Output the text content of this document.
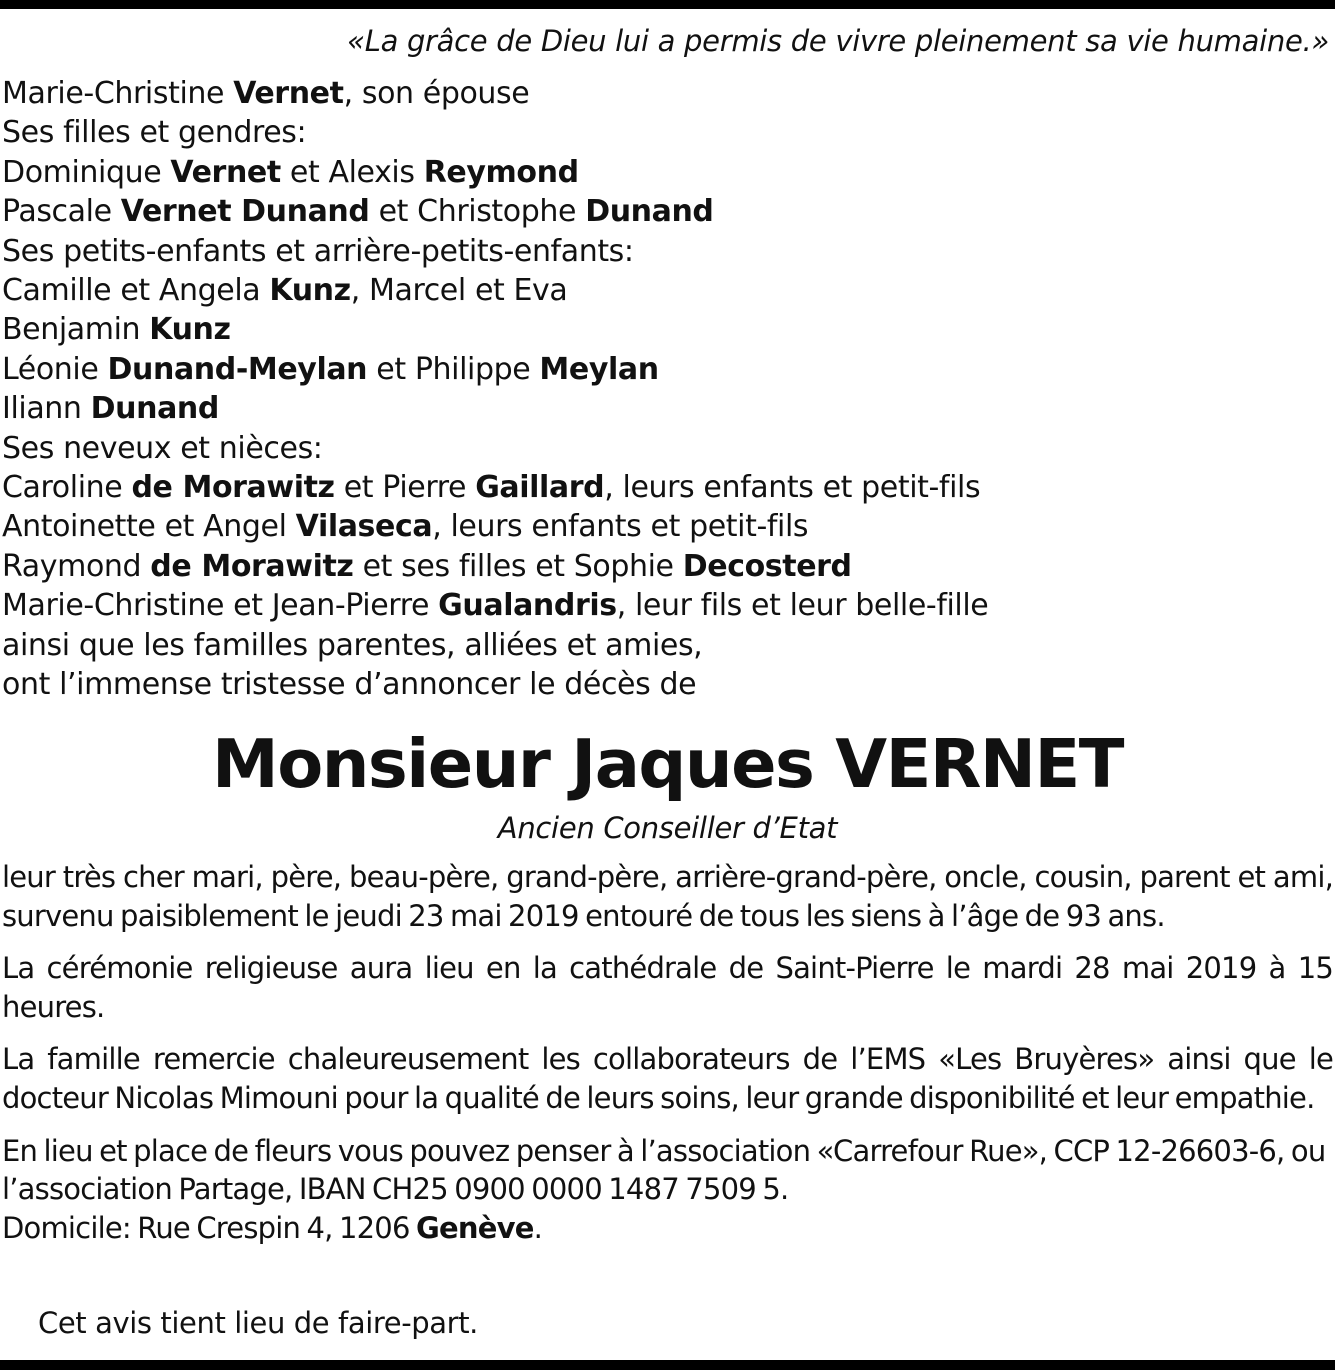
«La grâce de Dieu lui a permis de vivre pleinement sa vie humaine.»
Marie-Christine Vernet, son épouse
Ses filles et gendres:
Dominique Vernet et Alexis Reymond
Pascale Vernet Dunand et Christophe Dunand
Ses petits-enfants et arrière-petits-enfants:
Camille et Angela Kunz, Marcel et Eva
Benjamin Kunz
Léonie Dunand-Meylan et Philippe Meylan
Iliann Dunand
Ses neveux et nièces:
Caroline de Morawitz et Pierre Gaillard, leurs enfants et petit-fils
Antoinette et Angel Vilaseca, leurs enfants et petit-fils
Raymond de Morawitz et ses filles et Sophie Decosterd
Marie-Christine et Jean-Pierre Gualandris, leur fils et leur belle-fille
ainsi que les familles parentes, alliées et amies,
ont l’immense tristesse d’annoncer le décès de
Monsieur Jaques VERNET
Ancien Conseiller d’Etat

leur très cher mari, père, beau-père, grand-père, arrière-grand-père, oncle, cousin, parent et ami, survenu paisiblement le jeudi 23 mai 2019 entouré de tous les siens à l’âge de 93 ans.

La cérémonie religieuse aura lieu en la cathédrale de Saint-Pierre le mardi 28 mai 2019 à 15 heures.

La famille remercie chaleureusement les collaborateurs de l’EMS «Les Bruyères» ainsi que le docteur Nicolas Mimouni pour la qualité de leurs soins, leur grande disponibilité et leur empathie.

En lieu et place de fleurs vous pouvez penser à l’association «Carrefour Rue», CCP 12-26603-6, ou l’association Partage, IBAN CH25 0900 0000 1487 7509 5.

Domicile: Rue Crespin 4, 1206 Genève.
Cet avis tient lieu de faire-part.
